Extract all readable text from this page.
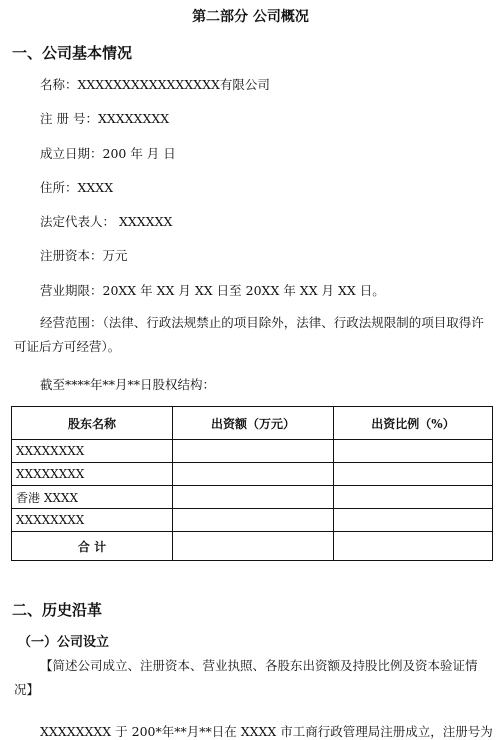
第二部分 公司概况
一、公司基本情况
名称：XXXXXXXXXXXXXXXX有限公司
注 册 号：XXXXXXXX
成立日期：200 年 月 日
住所：XXXX
法定代表人： XXXXXX
注册资本：万元
营业期限：20XX 年 XX 月 XX 日至 20XX 年 XX 月 XX 日。
经营范围：（法律、行政法规禁止的项目除外，法律、行政法规限制的项目取得许可证后方可经营）。
截至****年**月**日股权结构：
股东名称	出资额（万元）	出资比例（%）
XXXXXXXX		
XXXXXXXX		
香港 XXXX		
XXXXXXXX		
合 计		
二、历史沿革
（一）公司设立
【简述公司成立、注册资本、营业执照、各股东出资额及持股比例及资本验证情况】
XXXXXXXX 于 200*年**月**日在 XXXX 市工商行政管理局注册成立，注册号为
